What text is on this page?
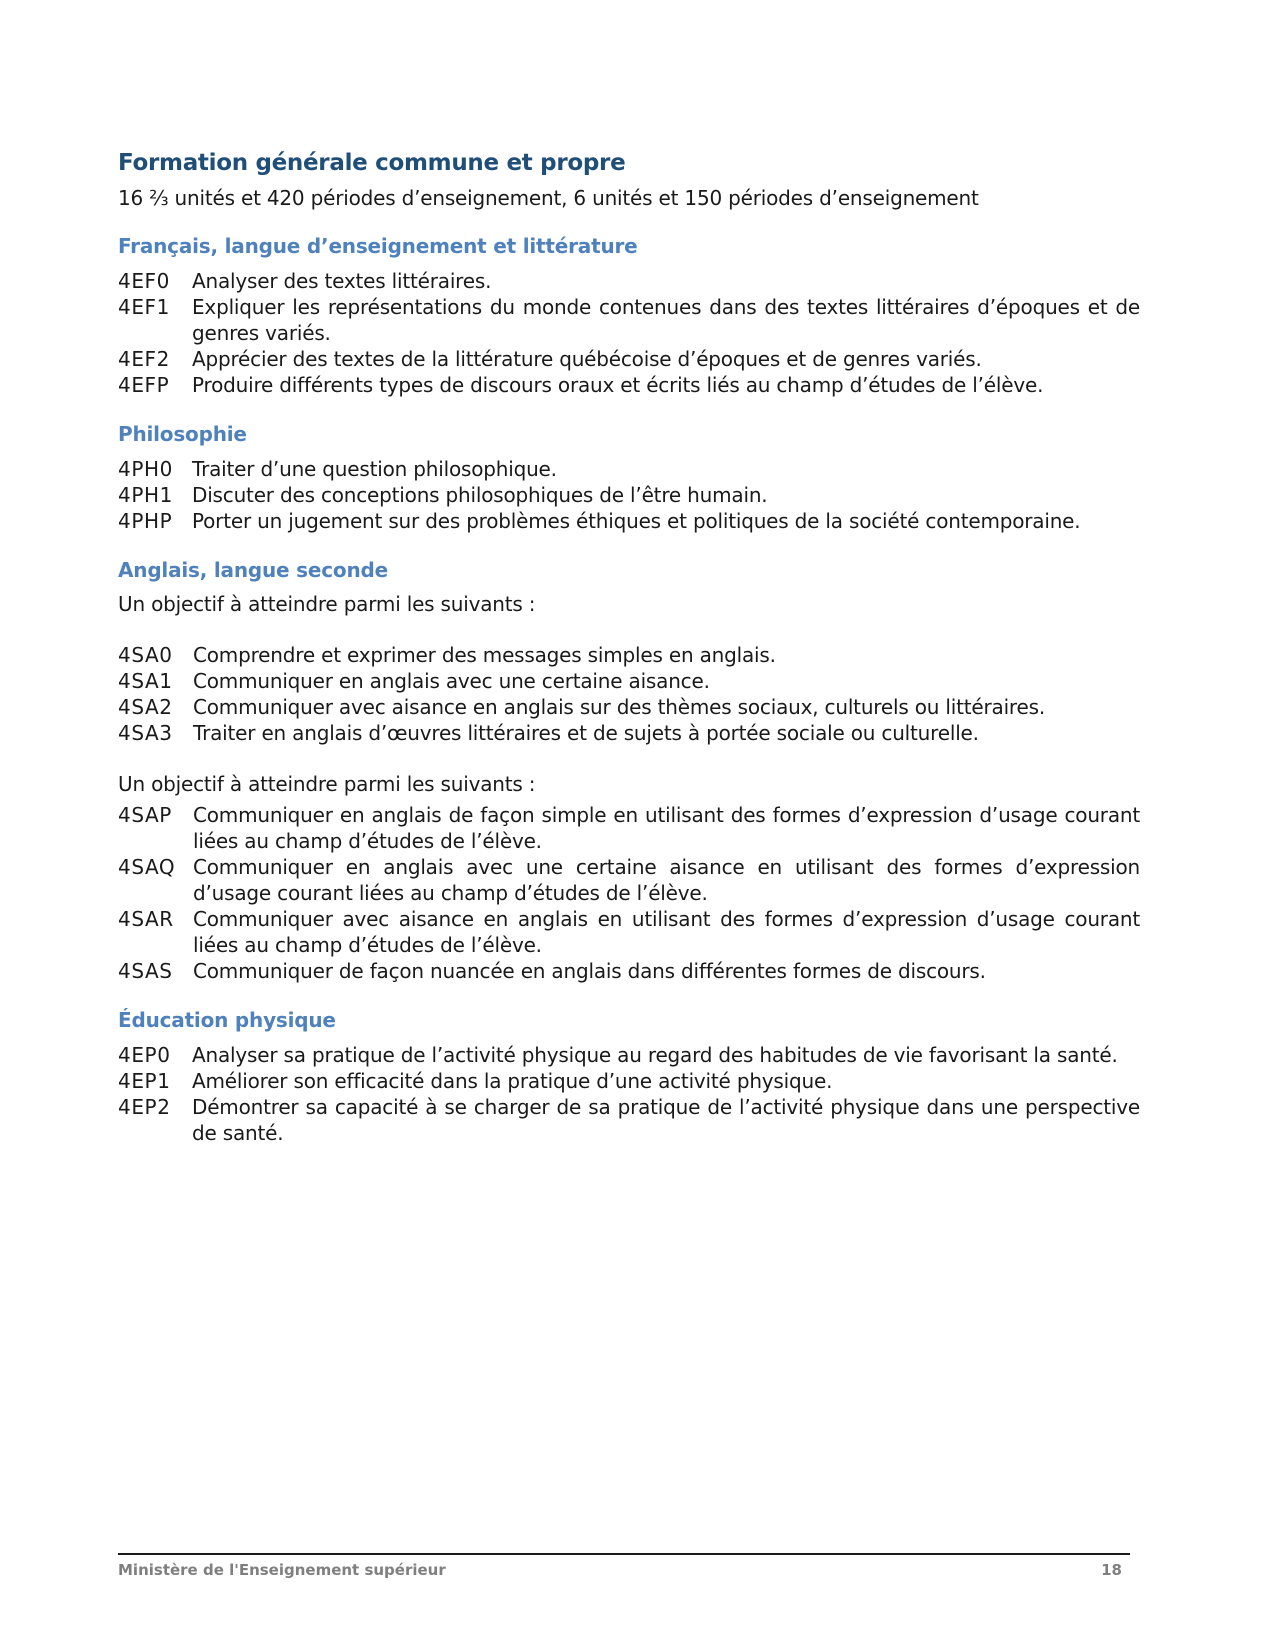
Formation générale commune et propre

16 ⅔ unités et 420 périodes d’enseignement, 6 unités et 150 périodes d’enseignement

Français, langue d’enseignement et littérature
4EF0	Analyser des textes littéraires.
4EF1	Expliquer les représentations du monde contenues dans des textes littéraires d’époques et de genres variés.
4EF2	Apprécier des textes de la littérature québécoise d’époques et de genres variés.
4EFP	Produire différents types de discours oraux et écrits liés au champ d’études de l’élève.
Philosophie
4PH0 Traiter d’une question philosophique.
4PH1 Discuter des conceptions philosophiques de l’être humain.
4PHP Porter un jugement sur des problèmes éthiques et politiques de la société contemporaine.
Anglais, langue seconde

Un objectif à atteindre parmi les suivants :

4SA0	Comprendre et exprimer des messages simples en anglais.
4SA1	Communiquer en anglais avec une certaine aisance.
4SA2	Communiquer avec aisance en anglais sur des thèmes sociaux, culturels ou littéraires.
4SA3	Traiter en anglais d’œuvres littéraires et de sujets à portée sociale ou culturelle.

Un objectif à atteindre parmi les suivants :

4SAP	Communiquer en anglais de façon simple en utilisant des formes d’expression d’usage courant liées au champ d’études de l’élève.
4SAQ Communiquer en anglais avec une certaine aisance en utilisant des formes d’expression d’usage courant liées au champ d’études de l’élève.
4SAR Communiquer avec aisance en anglais en utilisant des formes d’expression d’usage courant liées au champ d’études de l’élève.
4SAS	Communiquer de façon nuancée en anglais dans différentes formes de discours.
Éducation physique
4EP0	Analyser sa pratique de l’activité physique au regard des habitudes de vie favorisant la santé.
4EP1	Améliorer son efficacité dans la pratique d’une activité physique.
4EP2	Démontrer sa capacité à se charger de sa pratique de l’activité physique dans une perspective de santé.
Ministère de l'Enseignement supérieur	18
